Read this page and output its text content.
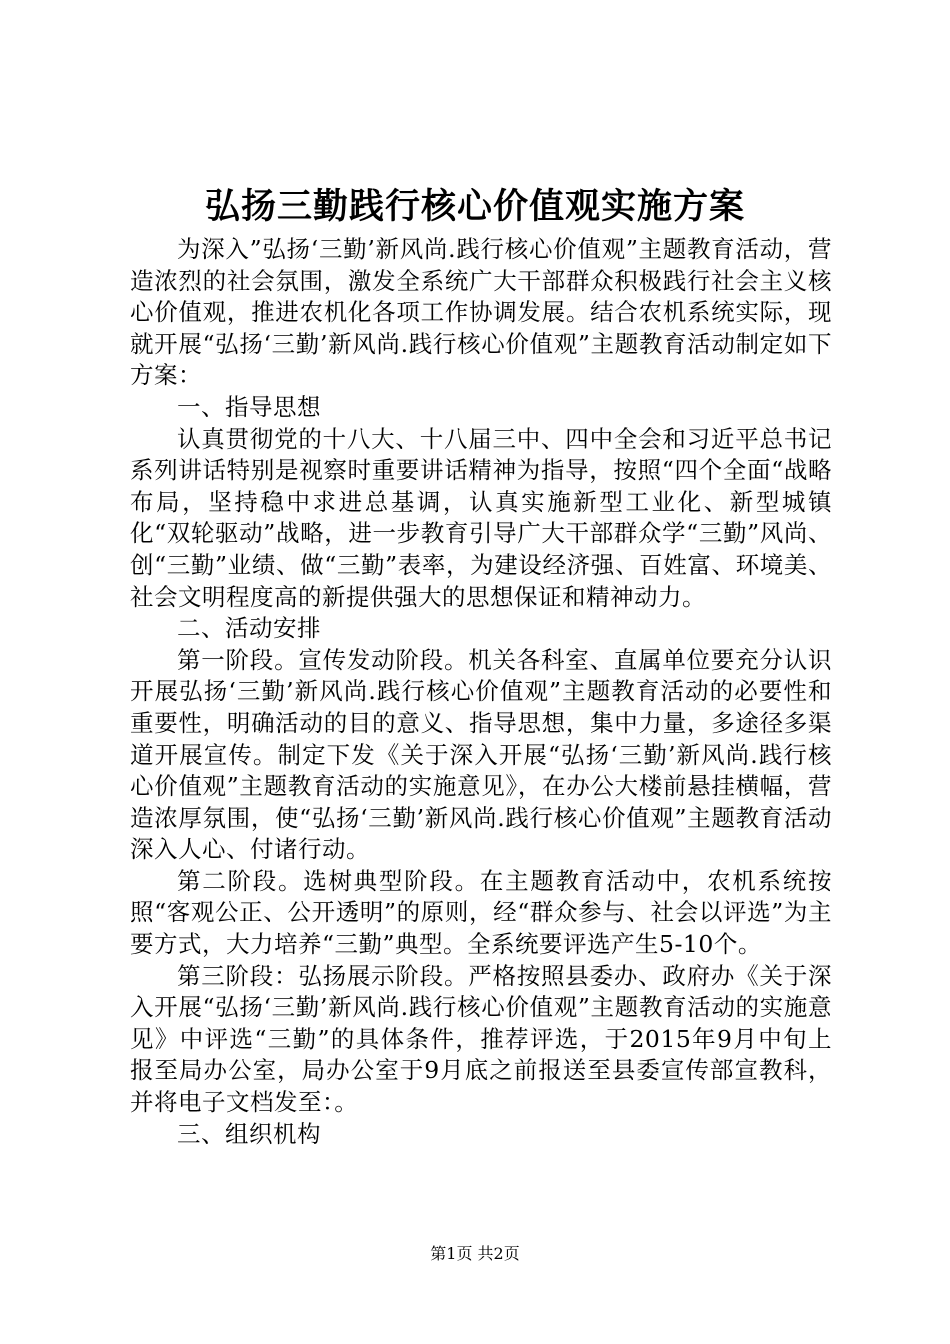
弘扬三勤践行核心价值观实施方案

为深入”弘扬‘三勤’新风尚.践行核心价值观”主题教育活动，营造浓烈的社会氛围，激发全系统广大干部群众积极践行社会主义核心价值观，推进农机化各项工作协调发展。结合农机系统实际，现就开展“弘扬‘三勤’新风尚.践行核心价值观”主题教育活动制定如下方案：

一、指导思想

认真贯彻党的十八大、十八届三中、四中全会和习近平总书记系列讲话特别是视察时重要讲话精神为指导，按照“四个全面“战略布局，坚持稳中求进总基调，认真实施新型工业化、新型城镇化“双轮驱动”战略，进一步教育引导广大干部群众学“三勤”风尚、创“三勤”业绩、做“三勤”表率，为建设经济强、百姓富、环境美、社会文明程度高的新提供强大的思想保证和精神动力。

二、活动安排

第一阶段。宣传发动阶段。机关各科室、直属单位要充分认识开展弘扬‘三勤’新风尚.践行核心价值观”主题教育活动的必要性和重要性，明确活动的目的意义、指导思想，集中力量，多途径多渠道开展宣传。制定下发《关于深入开展“弘扬‘三勤’新风尚.践行核心价值观”主题教育活动的实施意见》，在办公大楼前悬挂横幅，营造浓厚氛围，使“弘扬‘三勤’新风尚.践行核心价值观”主题教育活动深入人心、付诸行动。

第二阶段。选树典型阶段。在主题教育活动中，农机系统按照“客观公正、公开透明”的原则，经“群众参与、社会以评选”为主要方式，大力培养“三勤”典型。全系统要评选产生5-10个。

第三阶段：弘扬展示阶段。严格按照县委办、政府办《关于深入开展“弘扬‘三勤’新风尚.践行核心价值观”主题教育活动的实施意见》中评选“三勤”的具体条件，推荐评选，于2015年9月中旬上报至局办公室，局办公室于9月底之前报送至县委宣传部宣教科，并将电子文档发至：。

三、组织机构

第1页 共2页
